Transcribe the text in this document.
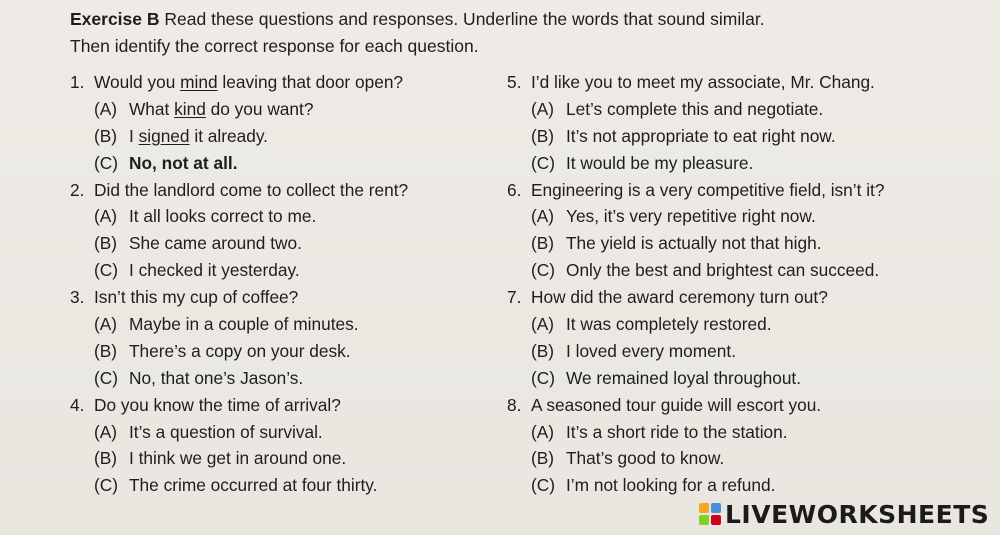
Exercise B Read these questions and responses. Underline the words that sound similar.
Then identify the correct response for each question.
1. Would you mind leaving that door open?
(A) What kind do you want?
(B) I signed it already.
(C) No, not at all.
2. Did the landlord come to collect the rent?
(A) It all looks correct to me.
(B) She came around two.
(C) I checked it yesterday.
3. Isn’t this my cup of coffee?
(A) Maybe in a couple of minutes.
(B) There’s a copy on your desk.
(C) No, that one’s Jason’s.
4. Do you know the time of arrival?
(A) It’s a question of survival.
(B) I think we get in around one.
(C) The crime occurred at four thirty.
5. I’d like you to meet my associate, Mr. Chang.
(A) Let’s complete this and negotiate.
(B) It’s not appropriate to eat right now.
(C) It would be my pleasure.
6. Engineering is a very competitive field, isn’t it?
(A) Yes, it’s very repetitive right now.
(B) The yield is actually not that high.
(C) Only the best and brightest can succeed.
7. How did the award ceremony turn out?
(A) It was completely restored.
(B) I loved every moment.
(C) We remained loyal throughout.
8. A seasoned tour guide will escort you.
(A) It’s a short ride to the station.
(B) That’s good to know.
(C) I’m not looking for a refund.
LIVEWORKSHEETS
